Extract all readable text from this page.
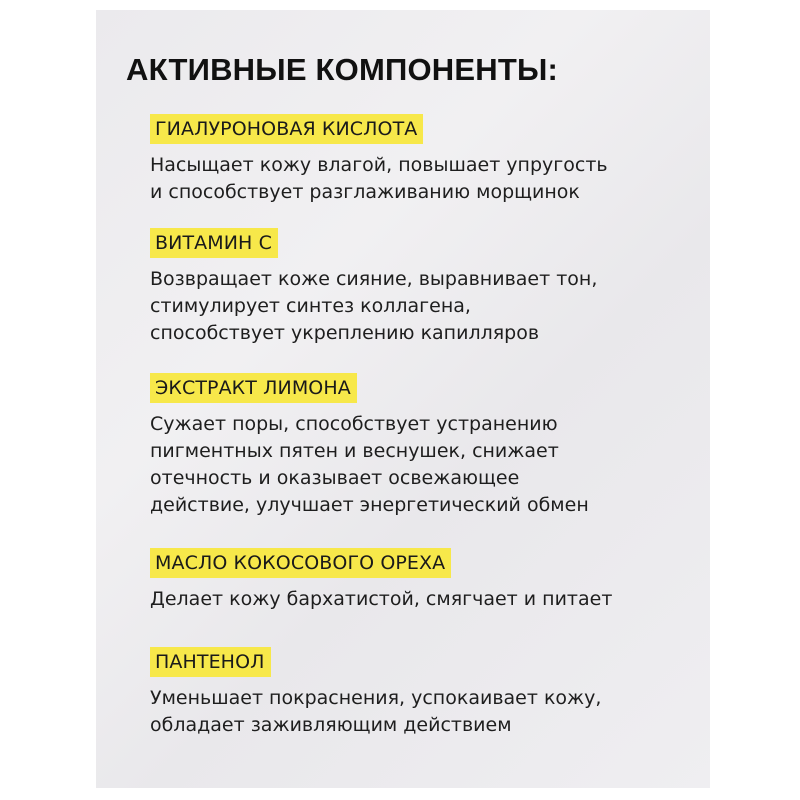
АКТИВНЫЕ КОМПОНЕНТЫ:
ГИАЛУРОНОВАЯ КИСЛОТА
Насыщает кожу влагой, повышает упругость
и способствует разглаживанию морщинок
ВИТАМИН С
Возвращает коже сияние, выравнивает тон,
стимулирует синтез коллагена,
способствует укреплению капилляров
ЭКСТРАКТ ЛИМОНА
Сужает поры, способствует устранению
пигментных пятен и веснушек, снижает
отечность и оказывает освежающее
действие, улучшает энергетический обмен
МАСЛО КОКОСОВОГО ОРЕХА
Делает кожу бархатистой, смягчает и питает
ПАНТЕНОЛ
Уменьшает покраснения, успокаивает кожу,
обладает заживляющим действием
